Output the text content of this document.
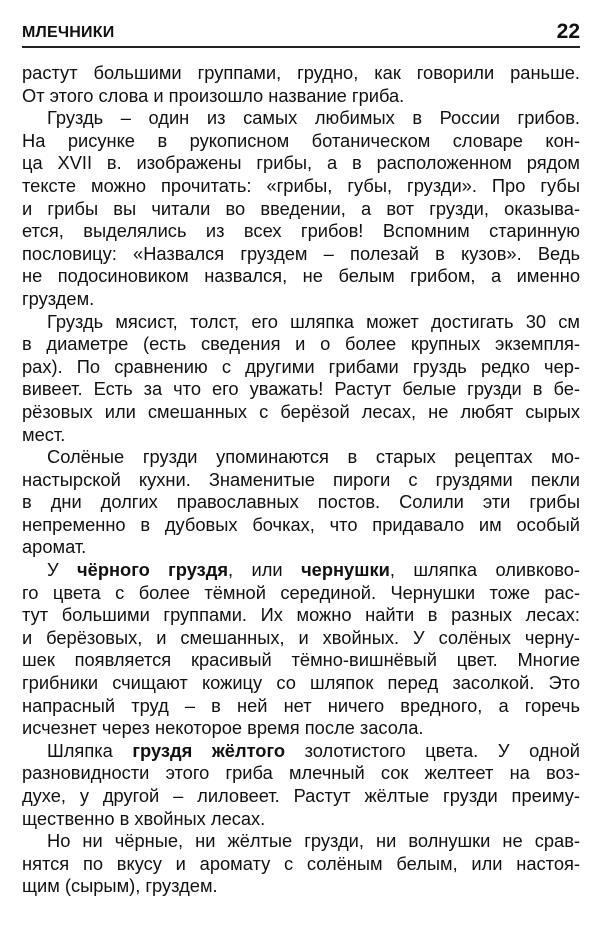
МЛЕЧНИКИ	22
растут большими группами, грудно, как говорили раньше.
От этого слова и произошло название гриба.
Груздь – один из самых любимых в России грибов.
На рисунке в рукописном ботаническом словаре кон-
ца XVII в. изображены грибы, а в расположенном рядом
тексте можно прочитать: «грибы, губы, грузди». Про губы
и грибы вы читали во введении, а вот грузди, оказыва-
ется, выделялись из всех грибов! Вспомним старинную
пословицу: «Назвался груздем – полезай в кузов». Ведь
не подосиновиком назвался, не белым грибом, а именно
груздем.
Груздь мясист, толст, его шляпка может достигать 30 см
в диаметре (есть сведения и о более крупных экземпля-
рах). По сравнению с другими грибами груздь редко чер-
вивеет. Есть за что его уважать! Растут белые грузди в бе-
рёзовых или смешанных с берёзой лесах, не любят сырых
мест.
Солёные грузди упоминаются в старых рецептах мо-
настырской кухни. Знаменитые пироги с груздями пекли
в дни долгих православных постов. Солили эти грибы
непременно в дубовых бочках, что придавало им особый
аромат.
У чёрного груздя, или чернушки, шляпка оливково-
го цвета с более тёмной серединой. Чернушки тоже рас-
тут большими группами. Их можно найти в разных лесах:
и берёзовых, и смешанных, и хвойных. У солёных черну-
шек появляется красивый тёмно-вишнёвый цвет. Многие
грибники счищают кожицу со шляпок перед засолкой. Это
напрасный труд – в ней нет ничего вредного, а горечь
исчезнет через некоторое время после засола.
Шляпка груздя жёлтого золотистого цвета. У одной
разновидности этого гриба млечный сок желтеет на воз-
духе, у другой – лиловеет. Растут жёлтые грузди преиму-
щественно в хвойных лесах.
Но ни чёрные, ни жёлтые грузди, ни волнушки не срав-
нятся по вкусу и аромату с солёным белым, или настоя-
щим (сырым), груздем.
